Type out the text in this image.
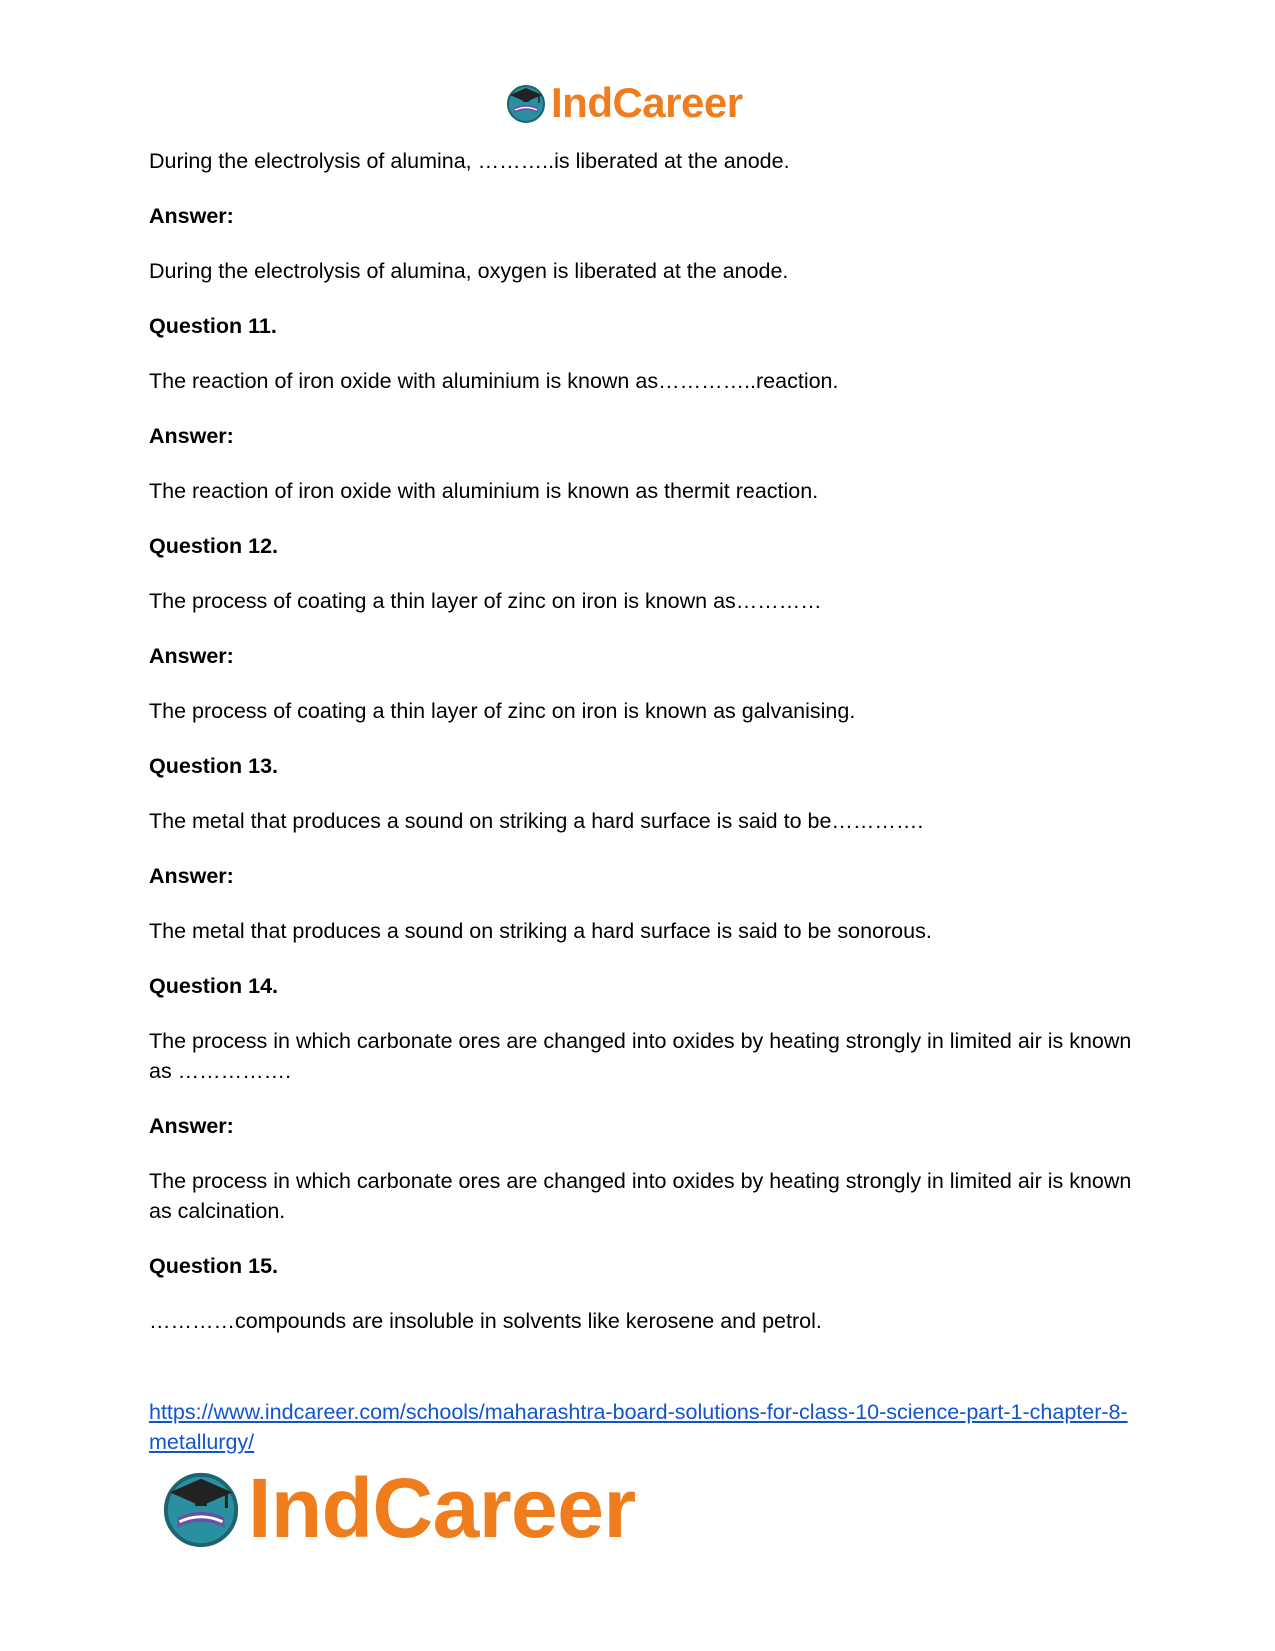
IndCareer

During the electrolysis of alumina, ………..is liberated at the anode.

Answer:

During the electrolysis of alumina, oxygen is liberated at the anode.

Question 11.

The reaction of iron oxide with aluminium is known as…………..reaction.

Answer:

The reaction of iron oxide with aluminium is known as thermit reaction.

Question 12.

The process of coating a thin layer of zinc on iron is known as…………

Answer:

The process of coating a thin layer of zinc on iron is known as galvanising.

Question 13.

The metal that produces a sound on striking a hard surface is said to be………….

Answer:

The metal that produces a sound on striking a hard surface is said to be sonorous.

Question 14.

The process in which carbonate ores are changed into oxides by heating strongly in limited air is known as …………….

Answer:

The process in which carbonate ores are changed into oxides by heating strongly in limited air is known as calcination.

Question 15.

…………compounds are insoluble in solvents like kerosene and petrol.

https://www.indcareer.com/schools/maharashtra-board-solutions-for-class-10-science-part-1-chapter-8-metallurgy/
IndCareer
